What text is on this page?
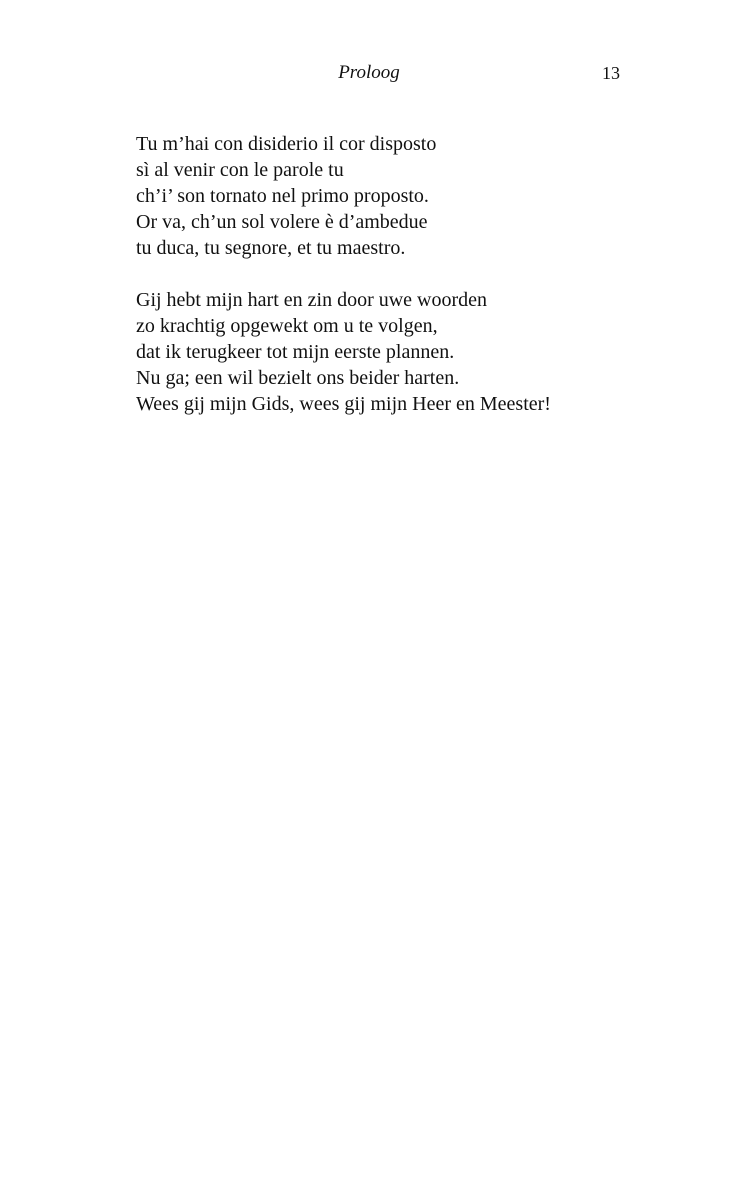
Proloog	13

Tu m’hai con disiderio il cor disposto
sì al venir con le parole tu
ch’i’ son tornato nel primo proposto.
Or va, ch’un sol volere è d’ambedue
tu duca, tu segnore, et tu maestro.

Gij hebt mijn hart en zin door uwe woorden
zo krachtig opgewekt om u te volgen,
dat ik terugkeer tot mijn eerste plannen.
Nu ga; een wil bezielt ons beider harten.
Wees gij mijn Gids, wees gij mijn Heer en Meester!
